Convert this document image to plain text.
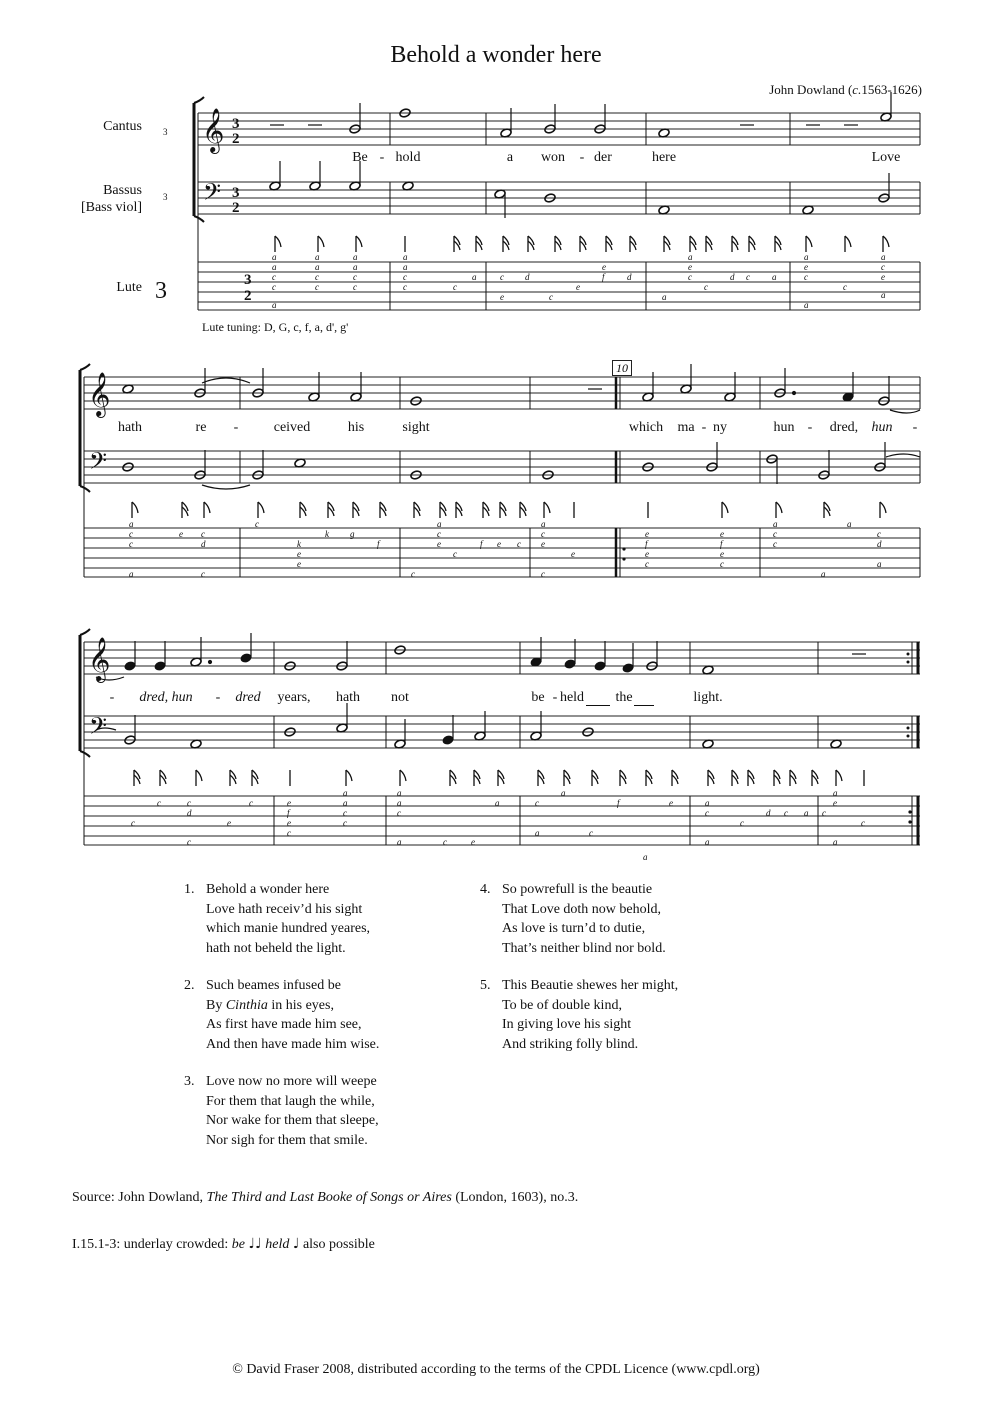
Behold a wonder here
John Dowland (c.1563-1626)
Cantus
Bassus
[Bass viol]
Lute
𝄞
𝄢
3
3
3
𝄞
𝄢
𝄞
𝄢
3
2
3
2
3
2
a
a
c
c
a
a
a
c
c
a
a
c
c
a
a
c
c	c
a	c
e
d
c
e
e
f d
a
a
e
c
c
d c a
a
e
c
a
c
a
c
e
a
a
c
c
a
e c
d
c
c
k
e
e
k g
f
c
a
c
e
c
f e c
a
c
e
c
e
e
f
e
c
e
f
e
c
a
c
c
a
a
c
d
a
c
c	c
d
c
e
c	e
f
e
c
a
a
c
c
a
a
c
a	c	e
a	c
a
a
c
f
a
e	a
c
a
c
d c a c
a
e
a
c
10
Lute tuning: D, G, c, f, a, d', g'
Be - hold	a won - der	here	Love
hath	re -	ceived	his	sight	which ma - ny	hun - dred, hun -
- dred, hun - dred years, hath not	be - held the	light.
1. Behold a wonder here
Love hath receiv’d his sight
which manie hundred yeares,
hath not beheld the light.
2. Such beames infused be
By Cinthia in his eyes,
As first have made him see,
And then have made him wise.
3. Love now no more will weepe
For them that laugh the while,
Nor wake for them that sleepe,
Nor sigh for them that smile.
4. So powrefull is the beautie
That Love doth now behold,
As love is turn’d to dutie,
That’s neither blind nor bold.
5. This Beautie shewes her might,
To be of double kind,
In giving love his sight
And striking folly blind.
Source: John Dowland, The Third and Last Booke of Songs or Aires (London, 1603), no.3.
I.15.1-3: underlay crowded: be ♩♩ held ♩ also possible
© David Fraser 2008, distributed according to the terms of the CPDL Licence (www.cpdl.org)
